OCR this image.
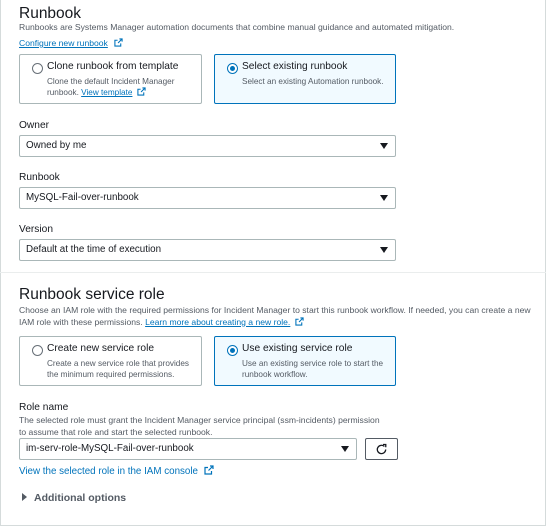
Runbook
Runbooks are Systems Manager automation documents that combine manual guidance and automated mitigation.
Configure new runbook
Clone runbook from template
Clone the default Incident Manager runbook. View template
Select existing runbook
Select an existing Automation runbook.
Owner
Owned by me
Runbook
MySQL-Fail-over-runbook
Version
Default at the time of execution
Runbook service role
Choose an IAM role with the required permissions for Incident Manager to start this runbook workflow. If needed, you can create a new IAM role with these permissions. Learn more about creating a new role.
Create new service role
Create a new service role that provides the minimum required permissions.
Use existing service role
Use an existing service role to start the runbook workflow.
Role name
The selected role must grant the Incident Manager service principal (ssm-incidents) permission to assume that role and start the selected runbook.
im-serv-role-MySQL-Fail-over-runbook
View the selected role in the IAM console
Additional options
